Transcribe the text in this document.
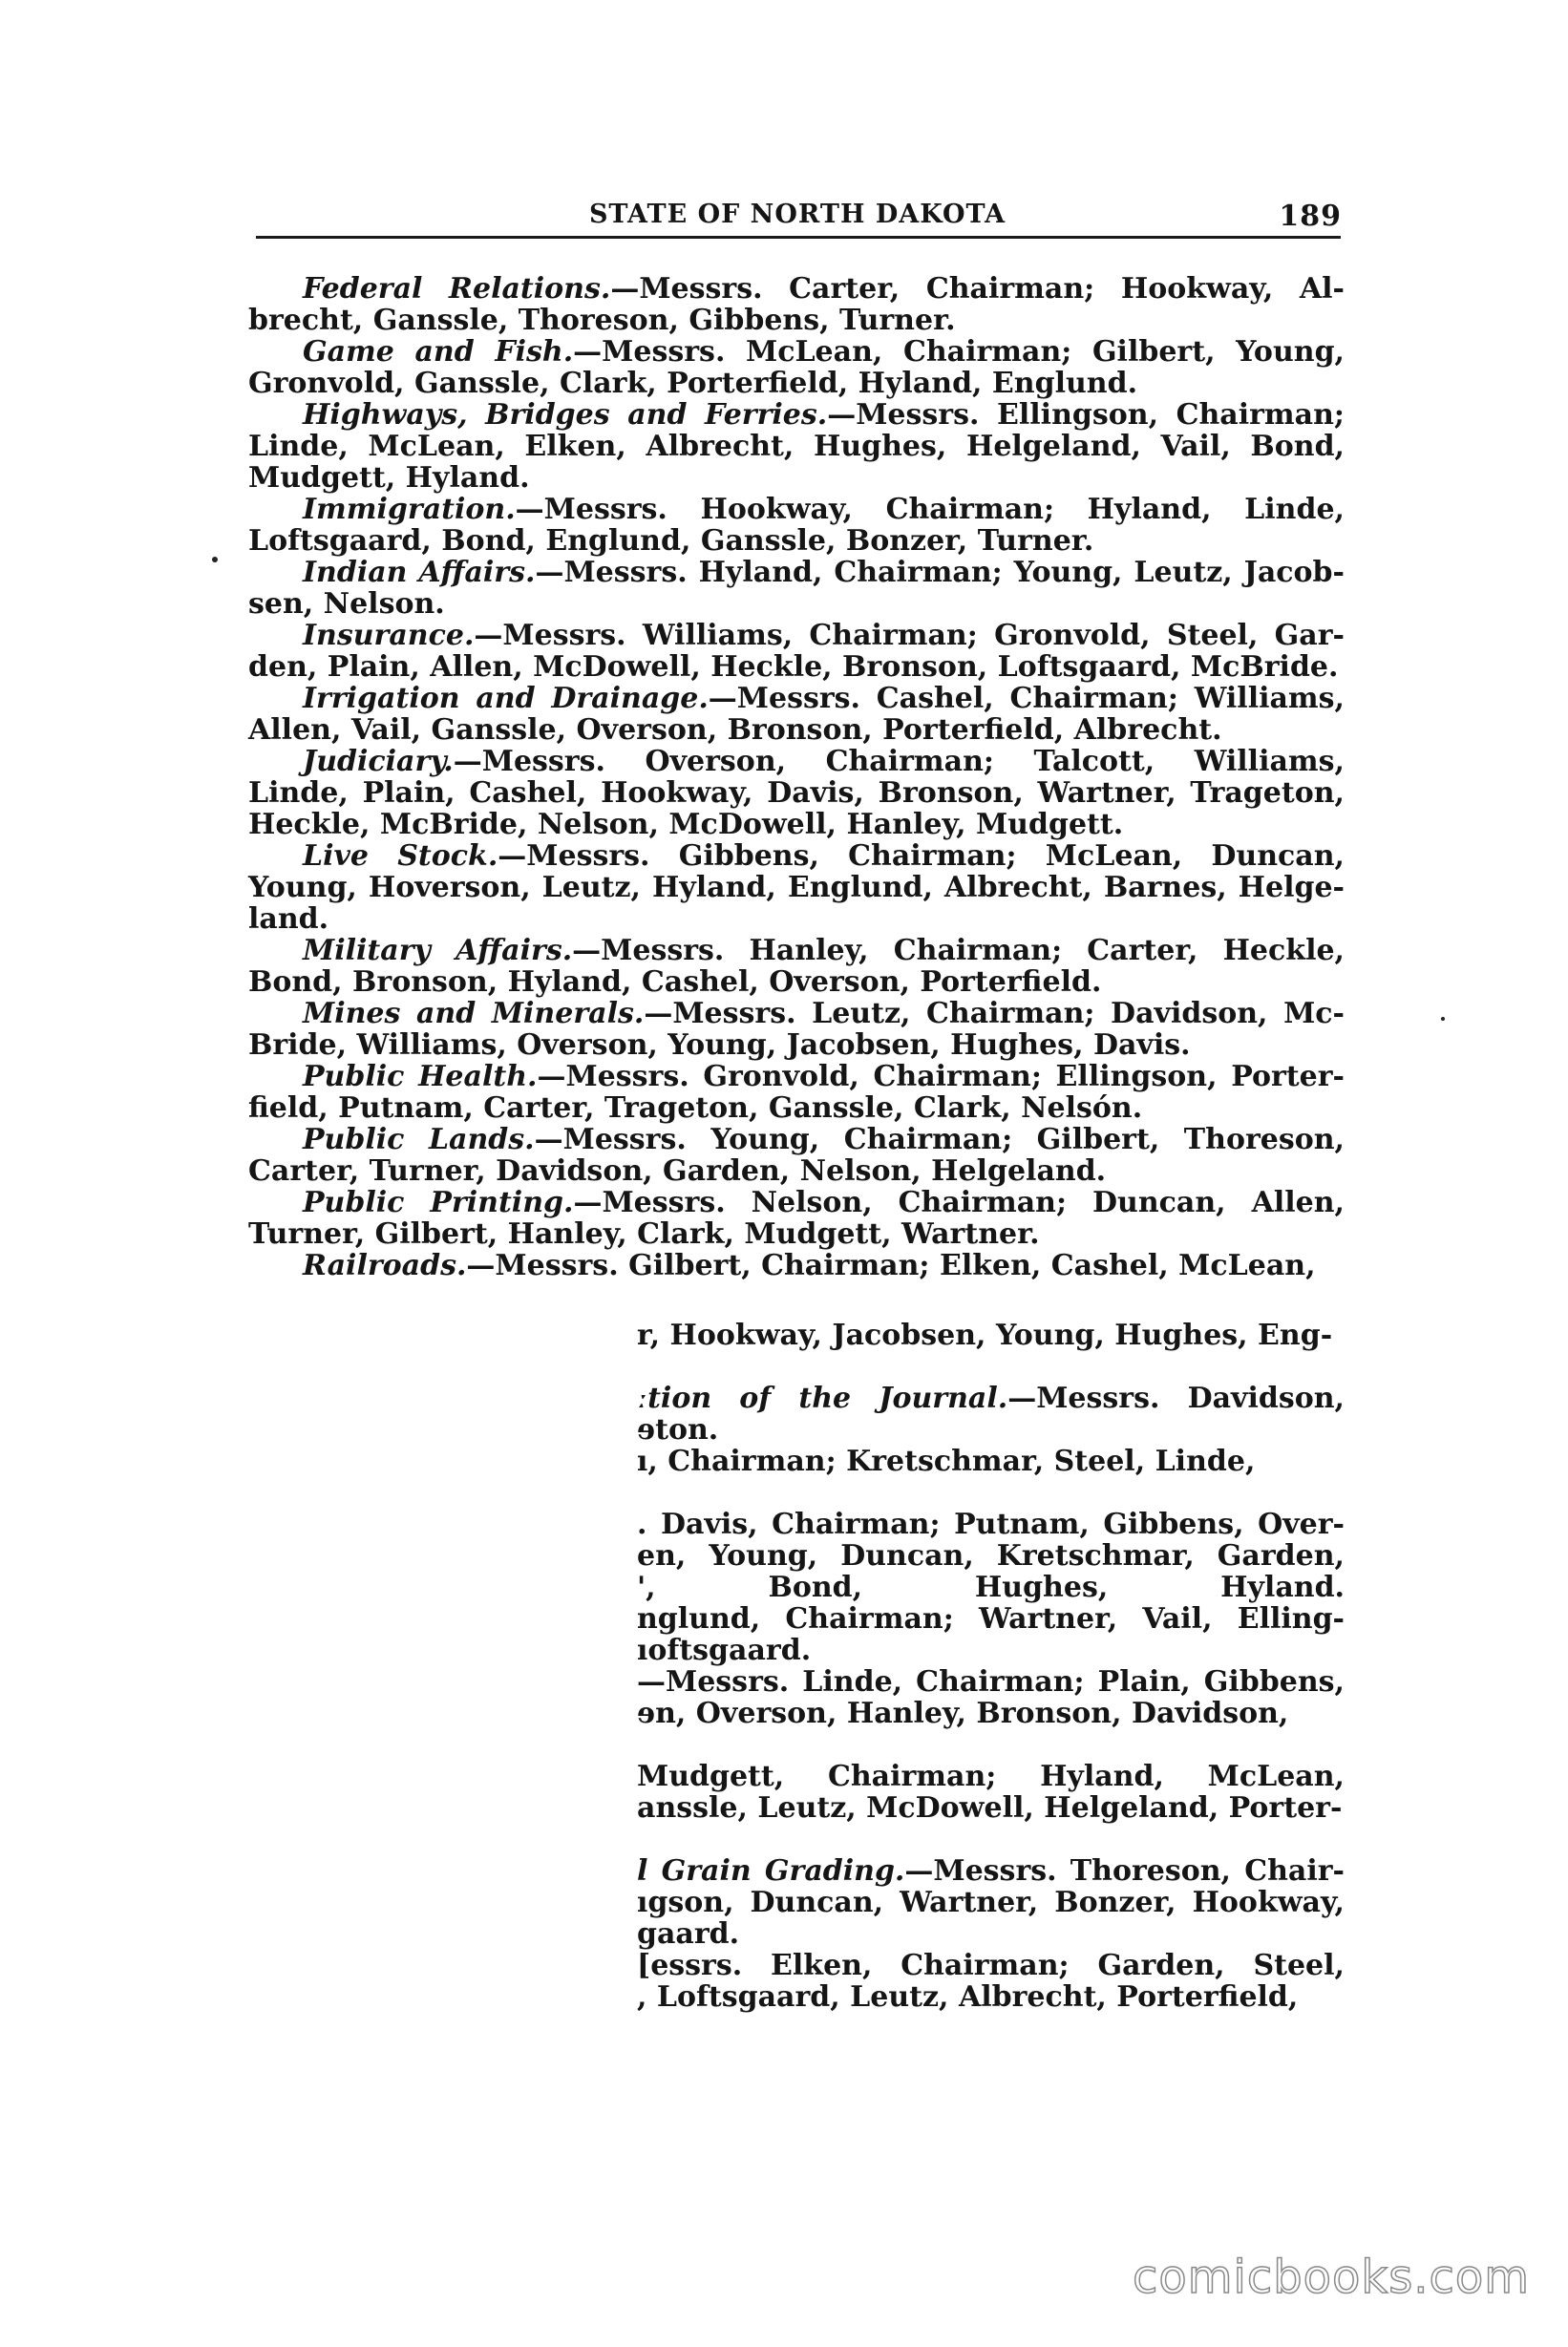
STATE OF NORTH DAKOTA	189
Federal Relations.—Messrs. Carter, Chairman; Hookway, Al-
brecht, Ganssle, Thoreson, Gibbens, Turner.
Game and Fish.—Messrs. McLean, Chairman; Gilbert, Young,
Gronvold, Ganssle, Clark, Porterfield, Hyland, Englund.
Highways, Bridges and Ferries.—Messrs. Ellingson, Chairman;
Linde, McLean, Elken, Albrecht, Hughes, Helgeland, Vail, Bond,
Mudgett, Hyland.
Immigration.—Messrs. Hookway, Chairman; Hyland, Linde,
Loftsgaard, Bond, Englund, Ganssle, Bonzer, Turner.
Indian Affairs.—Messrs. Hyland, Chairman; Young, Leutz, Jacob-
sen, Nelson.
Insurance.—Messrs. Williams, Chairman; Gronvold, Steel, Gar-
den, Plain, Allen, McDowell, Heckle, Bronson, Loftsgaard, McBride.
Irrigation and Drainage.—Messrs. Cashel, Chairman; Williams,
Allen, Vail, Ganssle, Overson, Bronson, Porterfield, Albrecht.
Judiciary.—Messrs. Overson, Chairman; Talcott, Williams,
Linde, Plain, Cashel, Hookway, Davis, Bronson, Wartner, Trageton,
Heckle, McBride, Nelson, McDowell, Hanley, Mudgett.
Live Stock.—Messrs. Gibbens, Chairman; McLean, Duncan,
Young, Hoverson, Leutz, Hyland, Englund, Albrecht, Barnes, Helge-
land.
Military Affairs.—Messrs. Hanley, Chairman; Carter, Heckle,
Bond, Bronson, Hyland, Cashel, Overson, Porterfield.
Mines and Minerals.—Messrs. Leutz, Chairman; Davidson, Mc-
Bride, Williams, Overson, Young, Jacobsen, Hughes, Davis.
Public Health.—Messrs. Gronvold, Chairman; Ellingson, Porter-
field, Putnam, Carter, Trageton, Ganssle, Clark, Nelsón.
Public Lands.—Messrs. Young, Chairman; Gilbert, Thoreson,
Carter, Turner, Davidson, Garden, Nelson, Helgeland.
Public Printing.—Messrs. Nelson, Chairman; Duncan, Allen,
Turner, Gilbert, Hanley, Clark, Mudgett, Wartner.
Railroads.—Messrs. Gilbert, Chairman; Elken, Cashel, McLean,
r, Hookway, Jacobsen, Young, Hughes, Eng-
ːtion of the Journal.—Messrs. Davidson,
ɘton.
ı, Chairman; Kretschmar, Steel, Linde,
. Davis, Chairman; Putnam, Gibbens, Over-
en, Young, Duncan, Kretschmar, Garden,
', Bond, Hughes, Hyland.
nglund, Chairman; Wartner, Vail, Elling-
ıoftsgaard.
—Messrs. Linde, Chairman; Plain, Gibbens,
ɘn, Overson, Hanley, Bronson, Davidson,
Mudgett, Chairman; Hyland, McLean,
anssle, Leutz, McDowell, Helgeland, Porter-
l Grain Grading.—Messrs. Thoreson, Chair-
ıgson, Duncan, Wartner, Bonzer, Hookway,
gaard.
[essrs. Elken, Chairman; Garden, Steel,
, Loftsgaard, Leutz, Albrecht, Porterfield,
comicbooks.com
